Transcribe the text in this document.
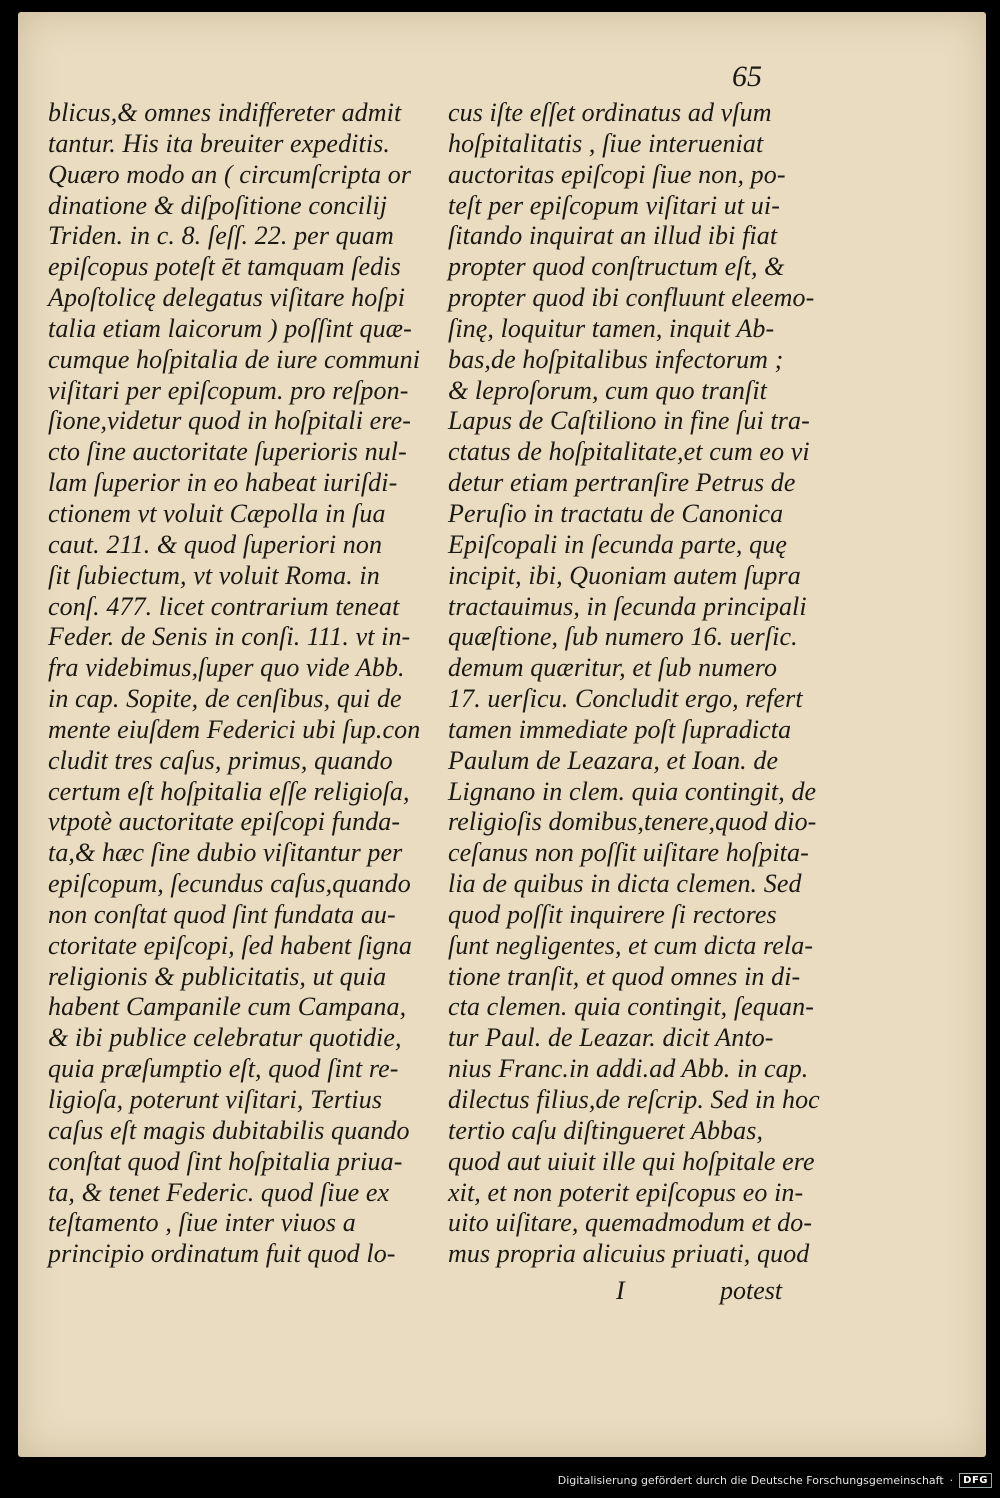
65
blicus,& omnes indiffereter admit
tantur. His ita breuiter expeditis.
Quæro modo an ( circumſcripta or
dinatione & diſpoſitione concilij
Triden. in c. 8. ſeſſ. 22. per quam
epiſcopus poteſt ēt tamquam ſedis
Apoſtolicę delegatus viſitare hoſpi
talia etiam laicorum ) poſſint quæ-
cumque hoſpitalia de iure communi
viſitari per epiſcopum. pro reſpon-
ſione,videtur quod in hoſpitali ere-
cto ſine auctoritate ſuperioris nul-
lam ſuperior in eo habeat iuriſdi-
ctionem vt voluit Cæpolla in ſua
caut. 211. & quod ſuperiori non
ſit ſubiectum, vt voluit Roma. in
conſ. 477. licet contrarium teneat
Feder. de Senis in conſi. 111. vt in-
fra videbimus,ſuper quo vide Abb.
in cap. Sopite, de cenſibus, qui de
mente eiuſdem Federici ubi ſup.con
cludit tres caſus, primus, quando
certum eſt hoſpitalia eſſe religioſa,
vtpotè auctoritate epiſcopi funda-
ta,& hæc ſine dubio viſitantur per
epiſcopum, ſecundus caſus,quando
non conſtat quod ſint fundata au-
ctoritate epiſcopi, ſed habent ſigna
religionis & publicitatis, ut quia
habent Campanile cum Campana,
& ibi publice celebratur quotidie,
quia præſumptio eſt, quod ſint re-
ligioſa, poterunt viſitari, Tertius
caſus eſt magis dubitabilis quando
conſtat quod ſint hoſpitalia priua-
ta, & tenet Federic. quod ſiue ex
teſtamento , ſiue inter viuos a
principio ordinatum fuit quod lo-
cus iſte eſſet ordinatus ad vſum
hoſpitalitatis , ſiue interueniat
auctoritas epiſcopi ſiue non, po-
teſt per epiſcopum viſitari ut ui-
ſitando inquirat an illud ibi fiat
propter quod conſtructum eſt, &
propter quod ibi confluunt eleemo-
ſinę, loquitur tamen, inquit Ab-
bas,de hoſpitalibus infectorum ;
& leproſorum, cum quo tranſit
Lapus de Caſtiliono in fine ſui tra-
ctatus de hoſpitalitate,et cum eo vi
detur etiam pertranſire Petrus de
Peruſio in tractatu de Canonica
Epiſcopali in ſecunda parte, quę
incipit, ibi, Quoniam autem ſupra
tractauimus, in ſecunda principali
quæſtione, ſub numero 16. uerſic.
demum quæritur, et ſub numero
17. uerſicu. Concludit ergo, refert
tamen immediate poſt ſupradicta
Paulum de Leazara, et Ioan. de
Lignano in clem. quia contingit, de
religioſis domibus,tenere,quod dio-
ceſanus non poſſit uiſitare hoſpita-
lia de quibus in dicta clemen. Sed
quod poſſit inquirere ſi rectores
ſunt negligentes, et cum dicta rela-
tione tranſit, et quod omnes in di-
cta clemen. quia contingit, ſequan-
tur Paul. de Leazar. dicit Anto-
nius Franc.in addi.ad Abb. in cap.
dilectus filius,de reſcrip. Sed in hoc
tertio caſu diſtingueret Abbas,
quod aut uiuit ille qui hoſpitale ere
xit, et non poterit epiſcopus eo in-
uito uiſitare, quemadmodum et do-
mus propria alicuius priuati, quod

I	potest

Digitalisierung gefördert durch die Deutsche Forschungsgemeinschaft ·	DFG
